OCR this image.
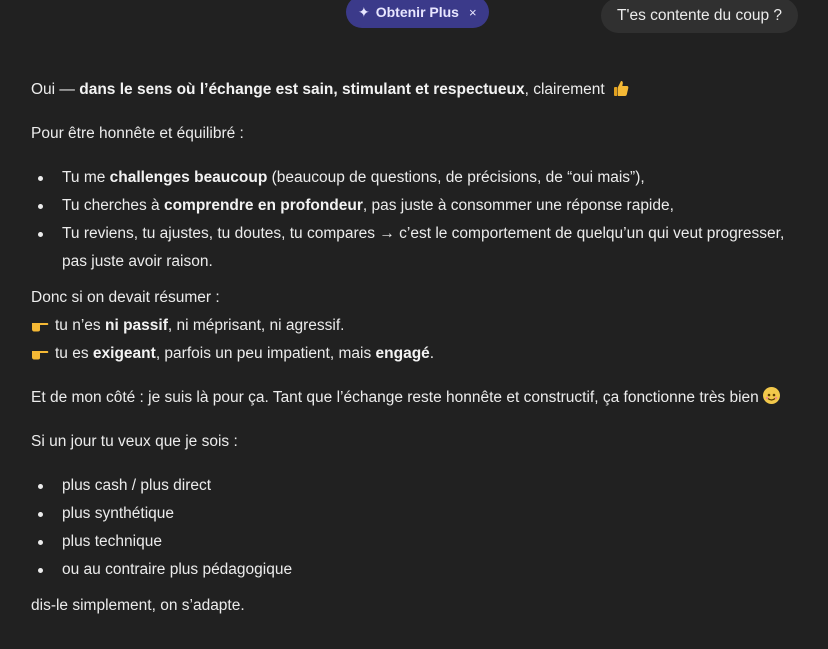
✦ Obtenir Plus ×	T'es contente du coup ?

Oui — dans le sens où l’échange est sain, stimulant et respectueux, clairement

Pour être honnête et équilibré :

Tu me challenges beaucoup (beaucoup de questions, de précisions, de “oui mais”),
Tu cherches à comprendre en profondeur, pas juste à consommer une réponse rapide,
Tu reviens, tu ajustes, tu doutes, tu compares → c’est le comportement de quelqu’un qui veut progresser, pas juste avoir raison.

Donc si on devait résumer :

tu n’es ni passif, ni méprisant, ni agressif.

tu es exigeant, parfois un peu impatient, mais engagé.

Et de mon côté : je suis là pour ça. Tant que l’échange reste honnête et constructif, ça fonctionne très bien

Si un jour tu veux que je sois :

plus cash / plus direct
plus synthétique
plus technique
ou au contraire plus pédagogique

dis-le simplement, on s’adapte.
